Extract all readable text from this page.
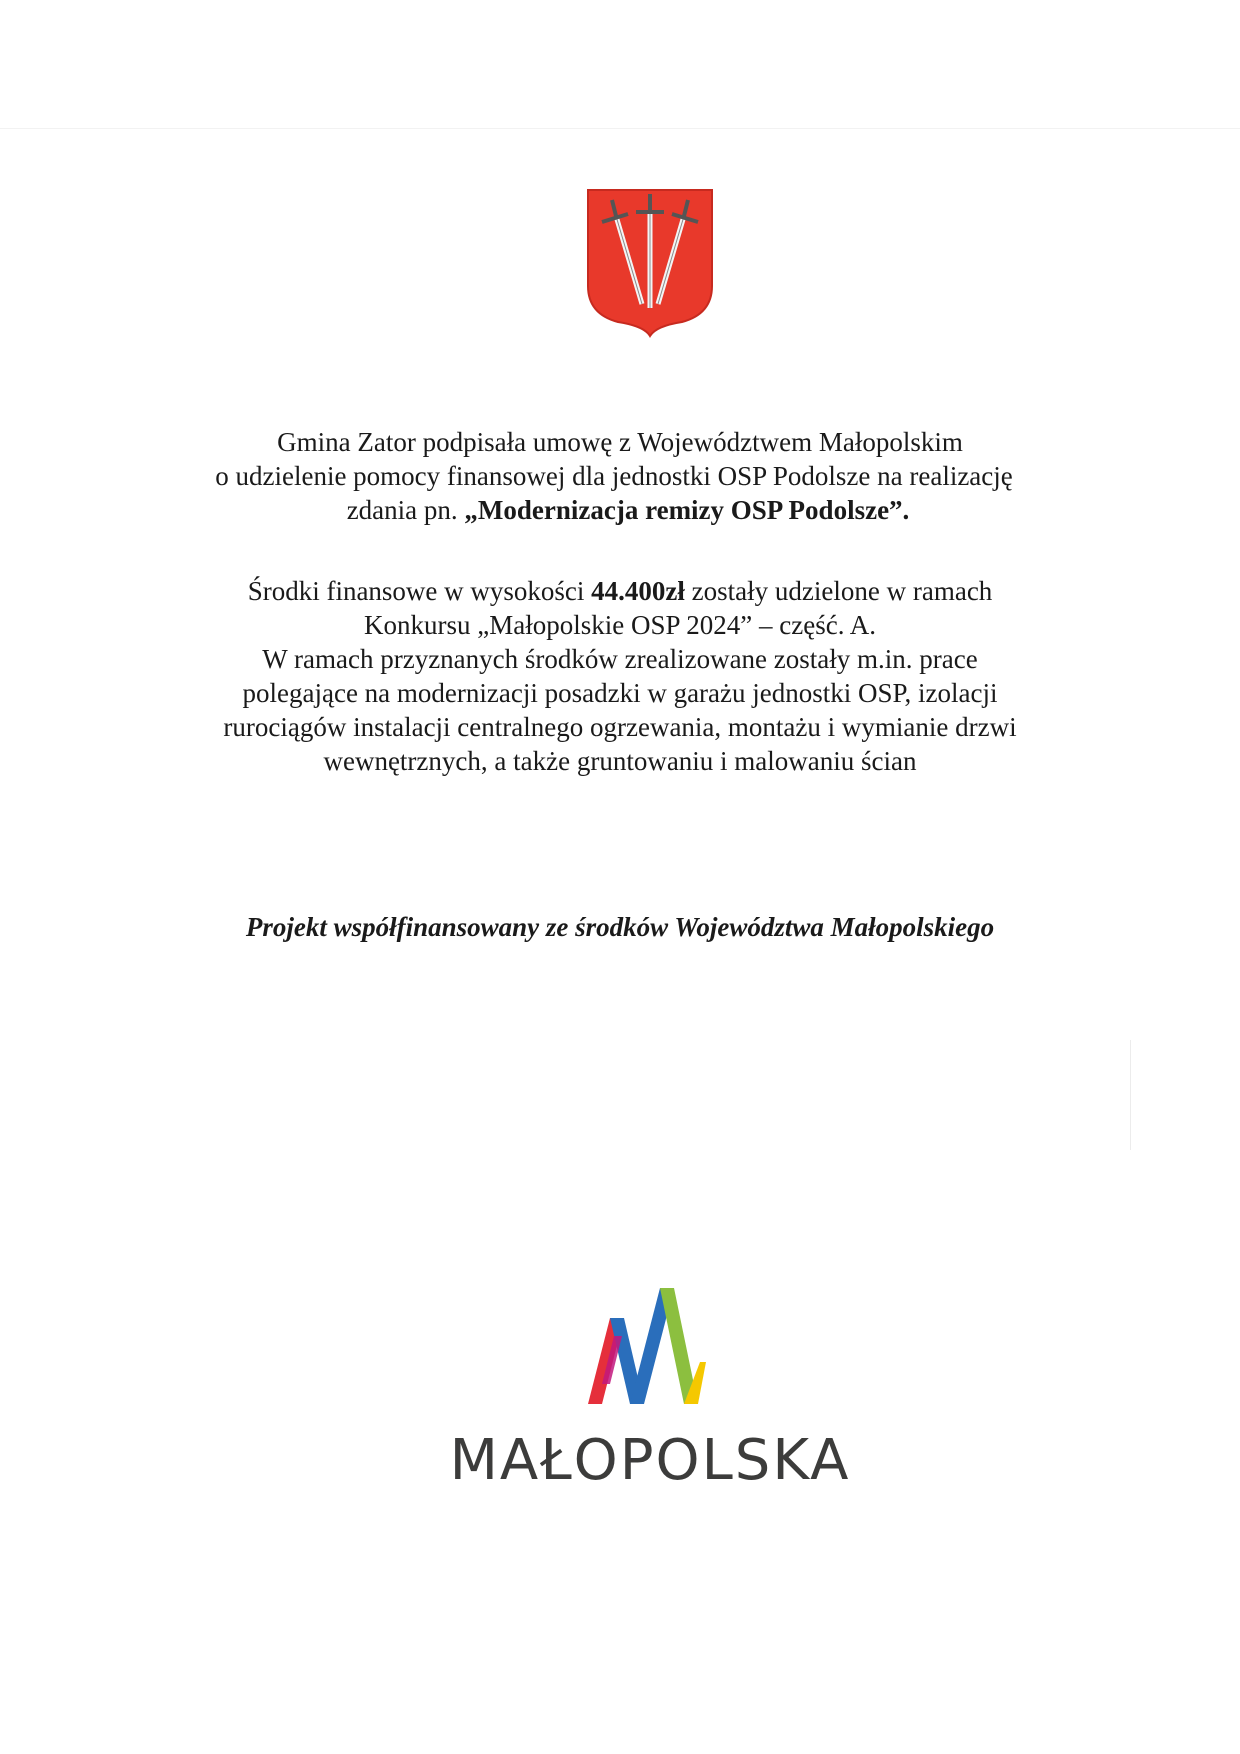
Gmina Zator podpisała umowę z Województwem Małopolskim
o udzielenie pomocy finansowej dla jednostki OSP Podolsze na realizację
zdania pn. „Modernizacja remizy OSP Podolsze”.
Środki finansowe w wysokości 44.400zł zostały udzielone w ramach
Konkursu „Małopolskie OSP 2024” – część. A.
W ramach przyznanych środków zrealizowane zostały m.in. prace
polegające na modernizacji posadzki w garażu jednostki OSP, izolacji
rurociągów instalacji centralnego ogrzewania, montażu i wymianie drzwi
wewnętrznych, a także gruntowaniu i malowaniu ścian
Projekt współfinansowany ze środków Województwa Małopolskiego
MAŁOPOLSKA
